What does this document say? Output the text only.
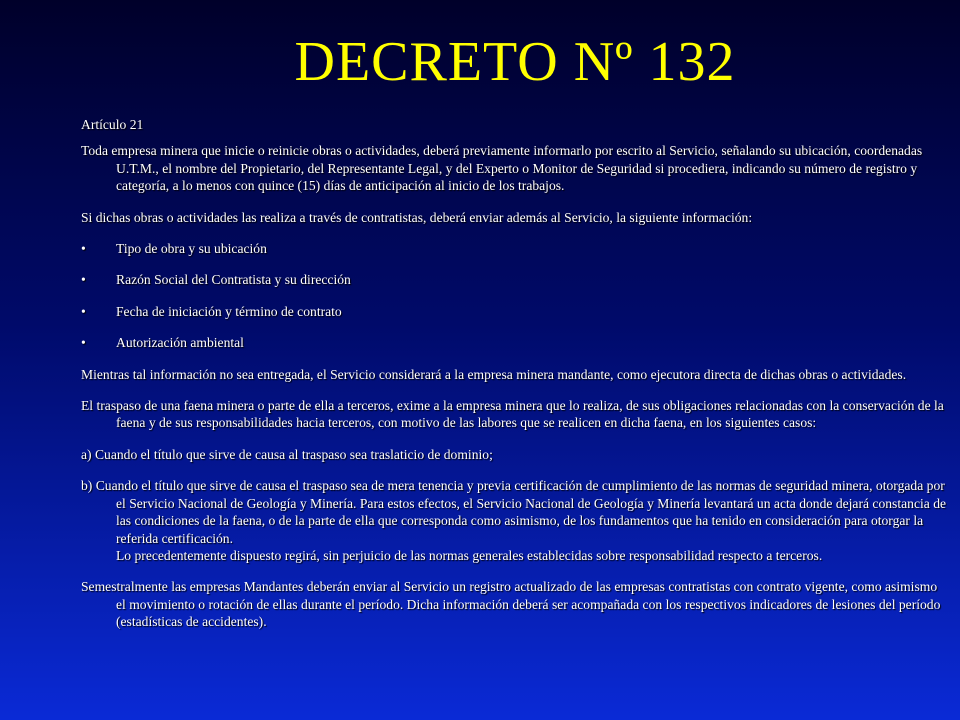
DECRETO Nº 132
Artículo 21
Toda empresa minera que inicie o reinicie obras o actividades, deberá previamente informarlo por escrito al Servicio, señalando su ubicación, coordenadas U.T.M., el nombre del Propietario, del Representante Legal, y del Experto o Monitor de Seguridad si procediera, indicando su número de registro y categoría, a lo menos con quince (15) días de anticipación al inicio de los trabajos.
Si dichas obras o actividades las realiza a través de contratistas, deberá enviar además al Servicio, la siguiente información:
• Tipo de obra y su ubicación
• Razón Social del Contratista y su dirección
• Fecha de iniciación y término de contrato
• Autorización ambiental
Mientras tal información no sea entregada, el Servicio considerará a la empresa minera mandante, como ejecutora directa de dichas obras o actividades.
El traspaso de una faena minera o parte de ella a terceros, exime a la empresa minera que lo realiza, de sus obligaciones relacionadas con la conservación de la faena y de sus responsabilidades hacia terceros, con motivo de las labores que se realicen en dicha faena, en los siguientes casos:
a) Cuando el título que sirve de causa al traspaso sea traslaticio de dominio;
b) Cuando el título que sirve de causa el traspaso sea de mera tenencia y previa certificación de cumplimiento de las normas de seguridad minera, otorgada por el Servicio Nacional de Geología y Minería. Para estos efectos, el Servicio Nacional de Geología y Minería levantará un acta donde dejará constancia de las condiciones de la faena, o de la parte de ella que corresponda como asimismo, de los fundamentos que ha tenido en consideración para otorgar la referida certificación.
Lo precedentemente dispuesto regirá, sin perjuicio de las normas generales establecidas sobre responsabilidad respecto a terceros.
Semestralmente las empresas Mandantes deberán enviar al Servicio un registro actualizado de las empresas contratistas con contrato vigente, como asimismo el movimiento o rotación de ellas durante el período. Dicha información deberá ser acompañada con los respectivos indicadores de lesiones del período (estadísticas de accidentes).
